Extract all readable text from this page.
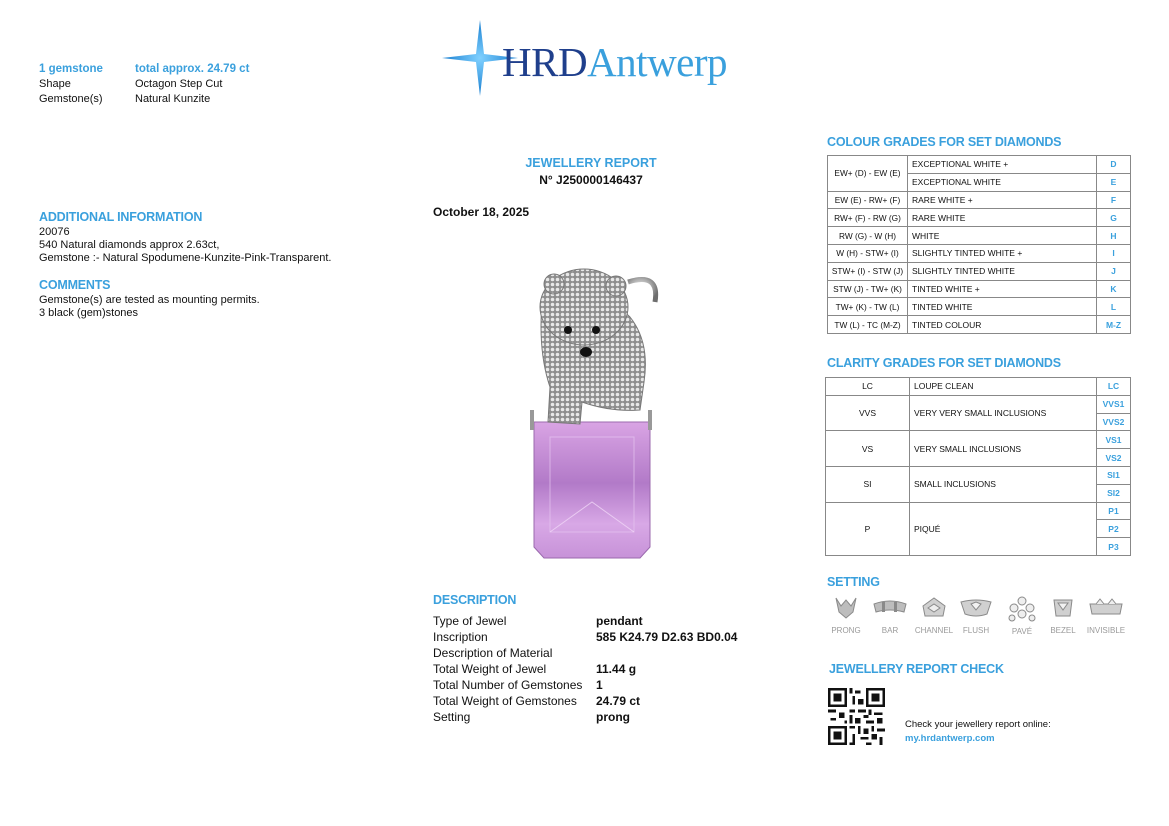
HRDAntwerp
1 gemstone	total approx. 24.79 ct
Shape	Octagon Step Cut
Gemstone(s)	Natural Kunzite
ADDITIONAL INFORMATION
20076
540 Natural diamonds approx 2.63ct,
Gemstone :- Natural Spodumene-Kunzite-Pink-Transparent.
COMMENTS
Gemstone(s) are tested as mounting permits.
3 black (gem)stones
JEWELLERY REPORT
N° J250000146437
October 18, 2025
DESCRIPTION
Type of Jewel	pendant
Inscription	585 K24.79 D2.63 BD0.04
Description of Material	
Total Weight of Jewel	11.44 g
Total Number of Gemstones	1
Total Weight of Gemstones	24.79 ct
Setting	prong
COLOUR GRADES FOR SET DIAMONDS
EW+ (D) - EW (E)	EXCEPTIONAL WHITE +	D
	EXCEPTIONAL WHITE	E
EW (E) - RW+ (F)	RARE WHITE +	F
RW+ (F) - RW (G)	RARE WHITE	G
RW (G) - W (H)	WHITE	H
W (H) - STW+ (I)	SLIGHTLY TINTED WHITE +	I
STW+ (I) - STW (J)	SLIGHTLY TINTED WHITE	J
STW (J) - TW+ (K)	TINTED WHITE +	K
TW+ (K) - TW (L)	TINTED WHITE	L
TW (L) - TC (M-Z)	TINTED COLOUR	M-Z
CLARITY GRADES FOR SET DIAMONDS
LC	LOUPE CLEAN	LC
VVS	VERY VERY SMALL INCLUSIONS	VVS1
		VVS2
VS	VERY SMALL INCLUSIONS	VS1
		VS2
SI	SMALL INCLUSIONS	SI1
		SI2
P	PIQUÉ	P1
		P2
		P3
SETTING
PRONG	BAR	CHANNEL	FLUSH	PAVÉ	BEZEL	INVISIBLE
JEWELLERY REPORT CHECK
Check your jewellery report online:
my.hrdantwerp.com
